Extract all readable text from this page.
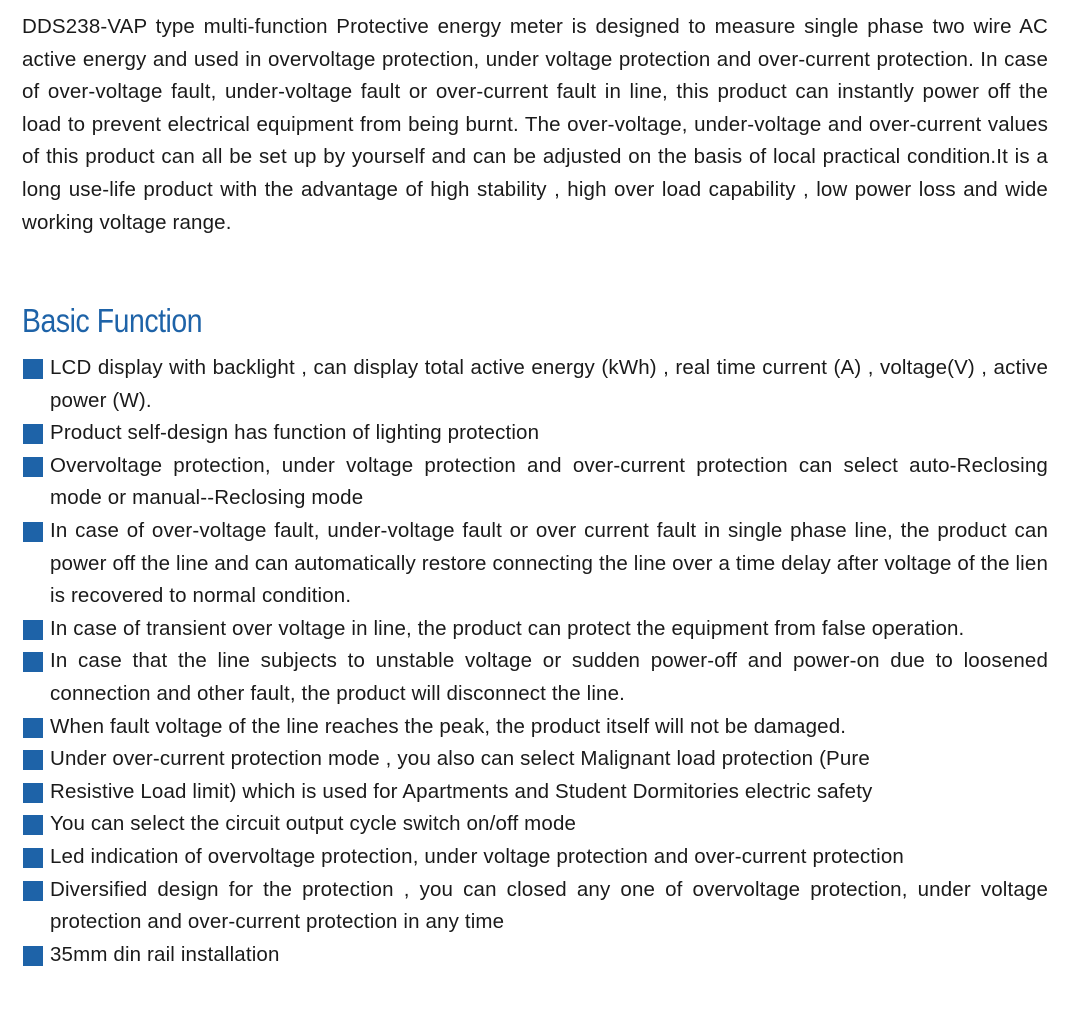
DDS238-VAP type multi-function Protective energy meter is designed to measure single phase two wire AC active energy and used in overvoltage protection, under voltage protection and over-current protection. In case of over-voltage fault, under-voltage fault or over-current fault in line, this product can instantly power off the load to prevent electrical equipment from being burnt. The over-voltage, under-voltage and over-current values of this product can all be set up by yourself and can be adjusted on the basis of local practical condition.It is a long use-life product with the advantage of high stability , high over load capability , low power loss and wide working voltage range.

Basic Function
LCD display with backlight , can display total active energy (kWh) , real time current (A) , voltage(V) , active power (W).
Product self-design has function of lighting protection
Overvoltage protection, under voltage protection and over-current protection can select auto-Reclosing mode or manual--Reclosing mode
In case of over-voltage fault, under-voltage fault or over current fault in single phase line, the product can power off the line and can automatically restore connecting the line over a time delay after voltage of the lien is recovered to normal condition.
In case of transient over voltage in line, the product can protect the equipment from false operation.
In case that the line subjects to unstable voltage or sudden power-off and power-on due to loosened connection and other fault, the product will disconnect the line.
When fault voltage of the line reaches the peak, the product itself will not be damaged.
Under over-current protection mode , you also can select Malignant load protection (Pure
Resistive Load limit) which is used for Apartments and Student Dormitories electric safety
You can select the circuit output cycle switch on/off mode
Led indication of overvoltage protection, under voltage protection and over-current protection
Diversified design for the protection , you can closed any one of overvoltage protection, under voltage protection and over-current protection in any time
35mm din rail installation
